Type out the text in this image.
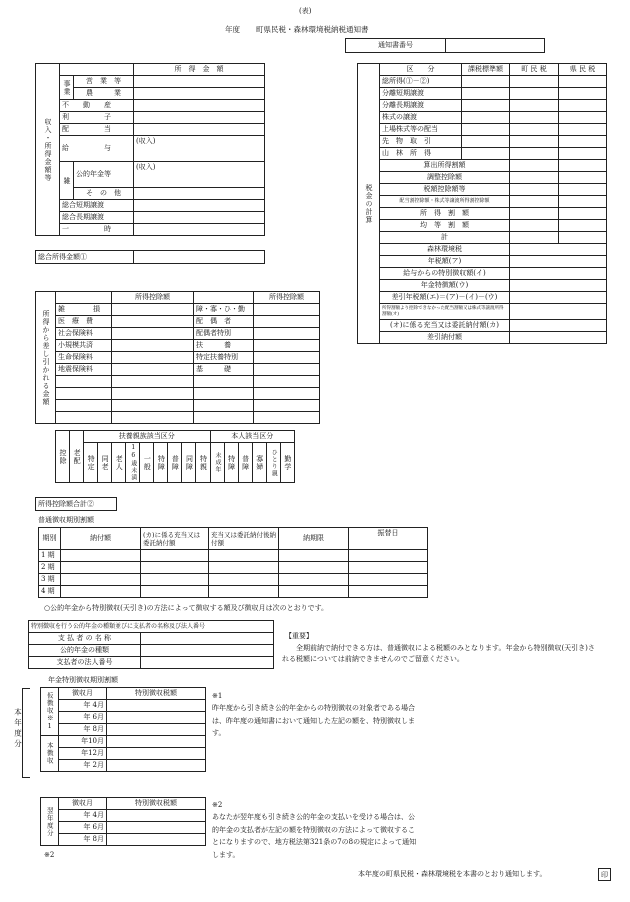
(表)
年度 町県民税・森林環境税納税通知書
通知書番号	
収入・所得金額等			所　得　金　額
	事業	営　業　等	
		農　　　業	
	不　　動　　産		
	利　　　　　子		
	配　　　　　当		
	給　　　　　与		(収入)
	雑	公的年金等	(収入)
		そ　の　他	
	総合短期譲渡		
	総合長期譲渡		
	一　　　　　時		
総合所得金額①	
税金の計算	区　　分	課税標準額	町 民 税	県 民 税
	総所得(①－②)			
	分離短期譲渡			
	分離長期譲渡			
	株式の譲渡			
	上場株式等の配当			
	先　物　取　引			
	山　林　所　得			
	算出所得割額			
	調整控除額			
	税額控除額等			
	配当割控除額・株式等譲渡所得割控除額			
	所　得　割　額			
	均　等　割　額			
	計			
	森林環境税			
	年税額(ア)			
	給与からの特別徴収額(イ)			
	年金特徴額(ウ)			
	差引年税額(エ)＝(ア)－(イ)－(ウ)			
	所得割額より控除できなかった配当割額又は株式等譲渡所得割額(オ)			
	(オ)に係る充当又は委託納付額(カ)			
	差引納付額			
所得から差し引かれる金額		所得控除額		所得控除額
	雑　　　　損		障・寡・ひ・勤	
	医　療　費		配　偶　者	
	社会保険料		配偶者特別	
	小規模共済		扶　　　養	
	生命保険料		特定扶養特別	
	地震保険料		基　　　礎	

控除	老配	扶養親族該当区分									本人該当区分					
		特定	同老	老人	16歳未満	一般	特障	普障	同障	特親	未成年	特障	普障	寡婦	ひとり親	勤学
所得控除額合計②
普通徴収期別割額
期別	納付額	(カ)に係る充当又は委託納付額	充当又は委託納付後納付額	納期限	振替日
1 期					
2 期					
3 期					
4 期					
○公的年金から特別徴収(天引き)の方法によって徴収する額及び徴収月は次のとおりです。
特別徴収を行う公的年金の種類並びに支払者の名称及び法人番号	
支 払 者 の 名 称	
公的年金の種類	
支払者の法人番号	
【重要】
全期前納で納付できる方は、普通徴収による税額のみとなります。年金から特別徴収(天引き)される税額については前納できませんのでご留意ください。
年金特別徴収期別割額
本年度分	仮徴収※1	徴収月	特別徴収税額
	年 4月	
	年 6月	
	年 8月	
本徴収	年10月	
	年12月	
	年 2月	
※1
昨年度から引き続き公的年金からの特別徴収の対象者である場合は、昨年度の通知書において通知した左記の額を、特別徴収します。
翌年度分	徴収月	特別徴収税額
	年 4月	
	年 6月	
	年 8月	
※2
※2
あなたが翌年度も引き続き公的年金の支払いを受ける場合は、公的年金の支払者が左記の額を特別徴収の方法によって徴収することになりますので、地方税法第321条の7の8の規定によって通知します。
本年度の町県民税・森林環境税を本書のとおり通知します。	印
